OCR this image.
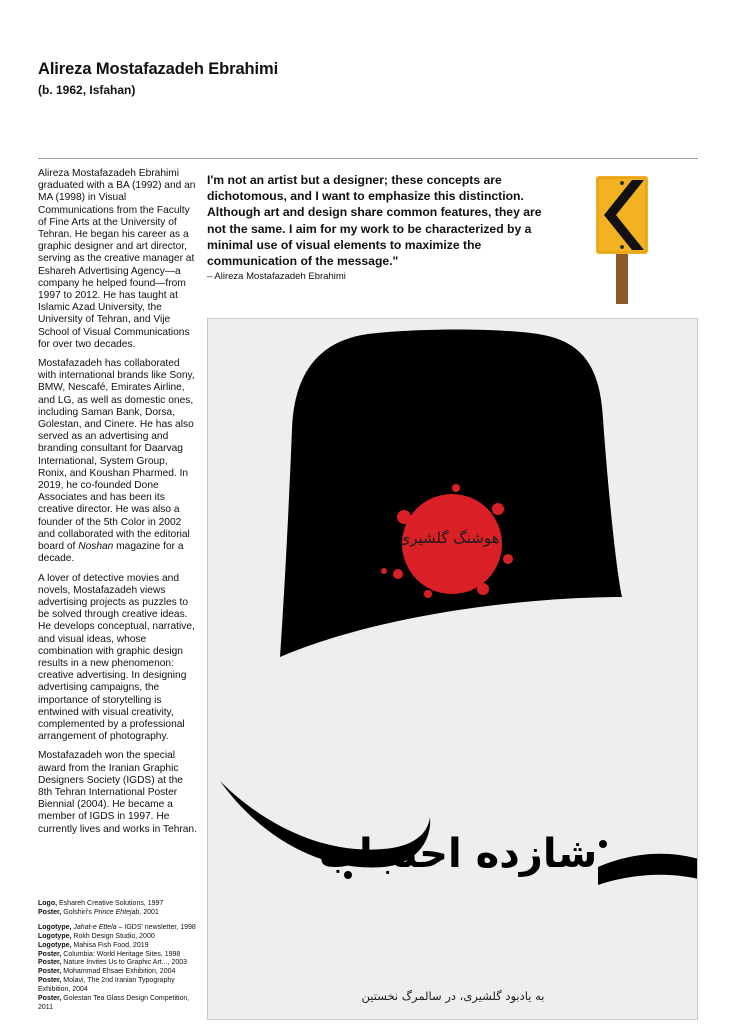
Alireza Mostafazadeh Ebrahimi

(b. 1962, Isfahan)

Alireza Mostafazadeh Ebrahimi graduated with a BA (1992) and an MA (1998) in Visual Communications from the Faculty of Fine Arts at the University of Tehran. He began his career as a graphic designer and art director, serving as the creative manager at Eshareh Advertising Agency—a company he helped found—from 1997 to 2012. He has taught at Islamic Azad University, the University of Tehran, and Vije School of Visual Communications for over two decades.

Mostafazadeh has collaborated with international brands like Sony, BMW, Nescafé, Emirates Airline, and LG, as well as domestic ones, including Saman Bank, Dorsa, Golestan, and Cinere. He has also served as an advertising and branding consultant for Daarvag International, System Group, Ronix, and Koushan Pharmed. In 2019, he co-founded Done Associates and has been its creative director. He was also a founder of the 5th Color in 2002 and collaborated with the editorial board of Noshan magazine for a decade.

A lover of detective movies and novels, Mostafazadeh views advertising projects as puzzles to be solved through creative ideas. He develops conceptual, narrative, and visual ideas, whose combination with graphic design results in a new phenomenon: creative advertising. In designing advertising campaigns, the importance of storytelling is entwined with visual creativity, complemented by a professional arrangement of photography.

Mostafazadeh won the special award from the Iranian Graphic Designers Society (IGDS) at the 8th Tehran International Poster Biennial (2004). He became a member of IGDS in 1997. He currently lives and works in Tehran.

Logo, Eshareh Creative Solutions, 1997
Poster, Golshiri's Prince Ehtejab, 2001
Logotype, Jahat-e Ettela – IGDS' newsletter, 1998
Logotype, Rokh Design Studio, 2000
Logotype, Mahisa Fish Food, 2019
Poster, Columbia: World Heritage Sites, 1998
Poster, Nature Invites Us to Graphic Art..., 2003
Poster, Mohammad Ehsaei Exhibition, 2004
Poster, Molavi, The 2nd Iranian Typography Exhibition, 2004
Poster, Golestan Tea Glass Design Competition, 2011

I'm not an artist but a designer; these concepts are dichotomous, and I want to emphasize this distinction. Although art and design share common features, they are not the same. I aim for my work to be characterized by a minimal use of visual elements to maximize the communication of the message."

– Alireza Mostafazadeh Ebrahimi

هوشنگ گلشیری
شازده احتجاب
به یادبود گلشیری، در سالمرگ نخستین
